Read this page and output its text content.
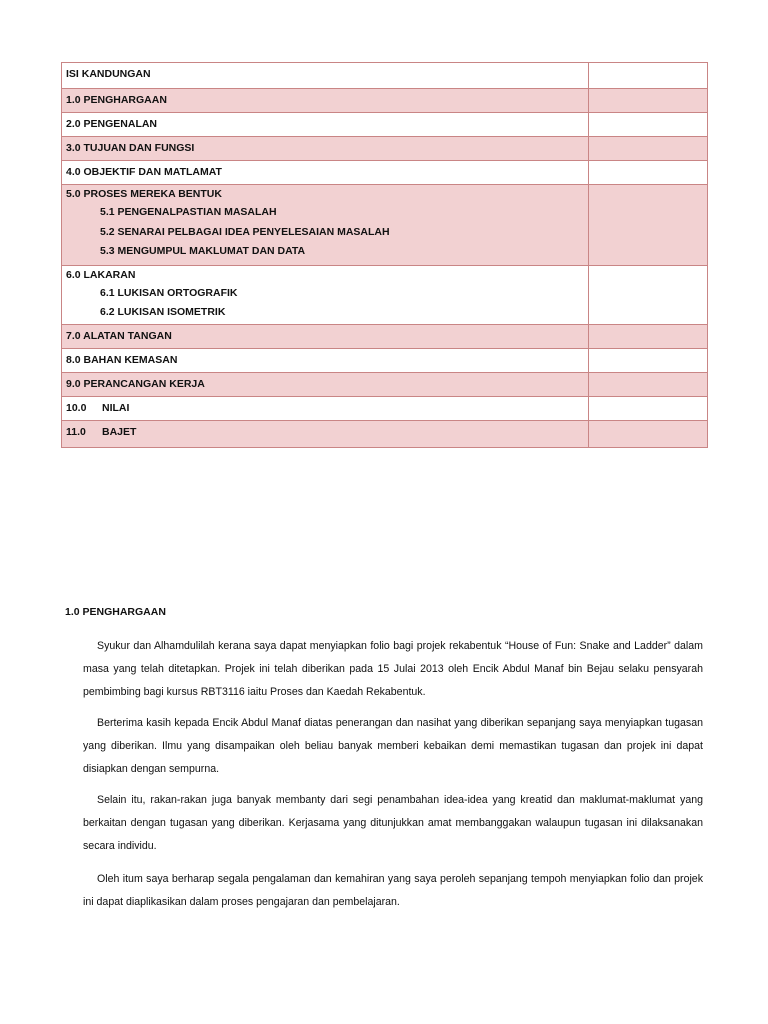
ISI KANDUNGAN	

1.0 PENGHARGAAN	

2.0 PENGENALAN	

3.0 TUJUAN DAN FUNGSI	

4.0 OBJEKTIF DAN MATLAMAT	

5.0 PROSES MEREKA BENTUK
5.1 PENGENALPASTIAN MASALAH
5.2 SENARAI PELBAGAI IDEA PENYELESAIAN MASALAH
5.3 MENGUMPUL MAKLUMAT DAN DATA	

6.0 LAKARAN
6.1 LUKISAN ORTOGRAFIK
6.2 LUKISAN ISOMETRIK	

7.0 ALATAN TANGAN	

8.0 BAHAN KEMASAN	

9.0 PERANCANGAN KERJA	

10.0 NILAI	

11.0 BAJET	

1.0 PENGHARGAAN

Syukur dan Alhamdulilah kerana saya dapat menyiapkan folio bagi projek rekabentuk “House of Fun: Snake and Ladder” dalam masa yang telah ditetapkan. Projek ini telah diberikan pada 15 Julai 2013 oleh Encik Abdul Manaf bin Bejau selaku pensyarah pembimbing bagi kursus RBT3116 iaitu Proses dan Kaedah Rekabentuk.

Berterima kasih kepada Encik Abdul Manaf diatas penerangan dan nasihat yang diberikan sepanjang saya menyiapkan tugasan yang diberikan. Ilmu yang disampaikan oleh beliau banyak memberi kebaikan demi memastikan tugasan dan projek ini dapat disiapkan dengan sempurna.

Selain itu, rakan-rakan juga banyak membanty dari segi penambahan idea-idea yang kreatid dan maklumat-maklumat yang berkaitan dengan tugasan yang diberikan. Kerjasama yang ditunjukkan amat membanggakan walaupun tugasan ini dilaksanakan secara individu.

Oleh itum saya berharap segala pengalaman dan kemahiran yang saya peroleh sepanjang tempoh menyiapkan folio dan projek ini dapat diaplikasikan dalam proses pengajaran dan pembelajaran.
